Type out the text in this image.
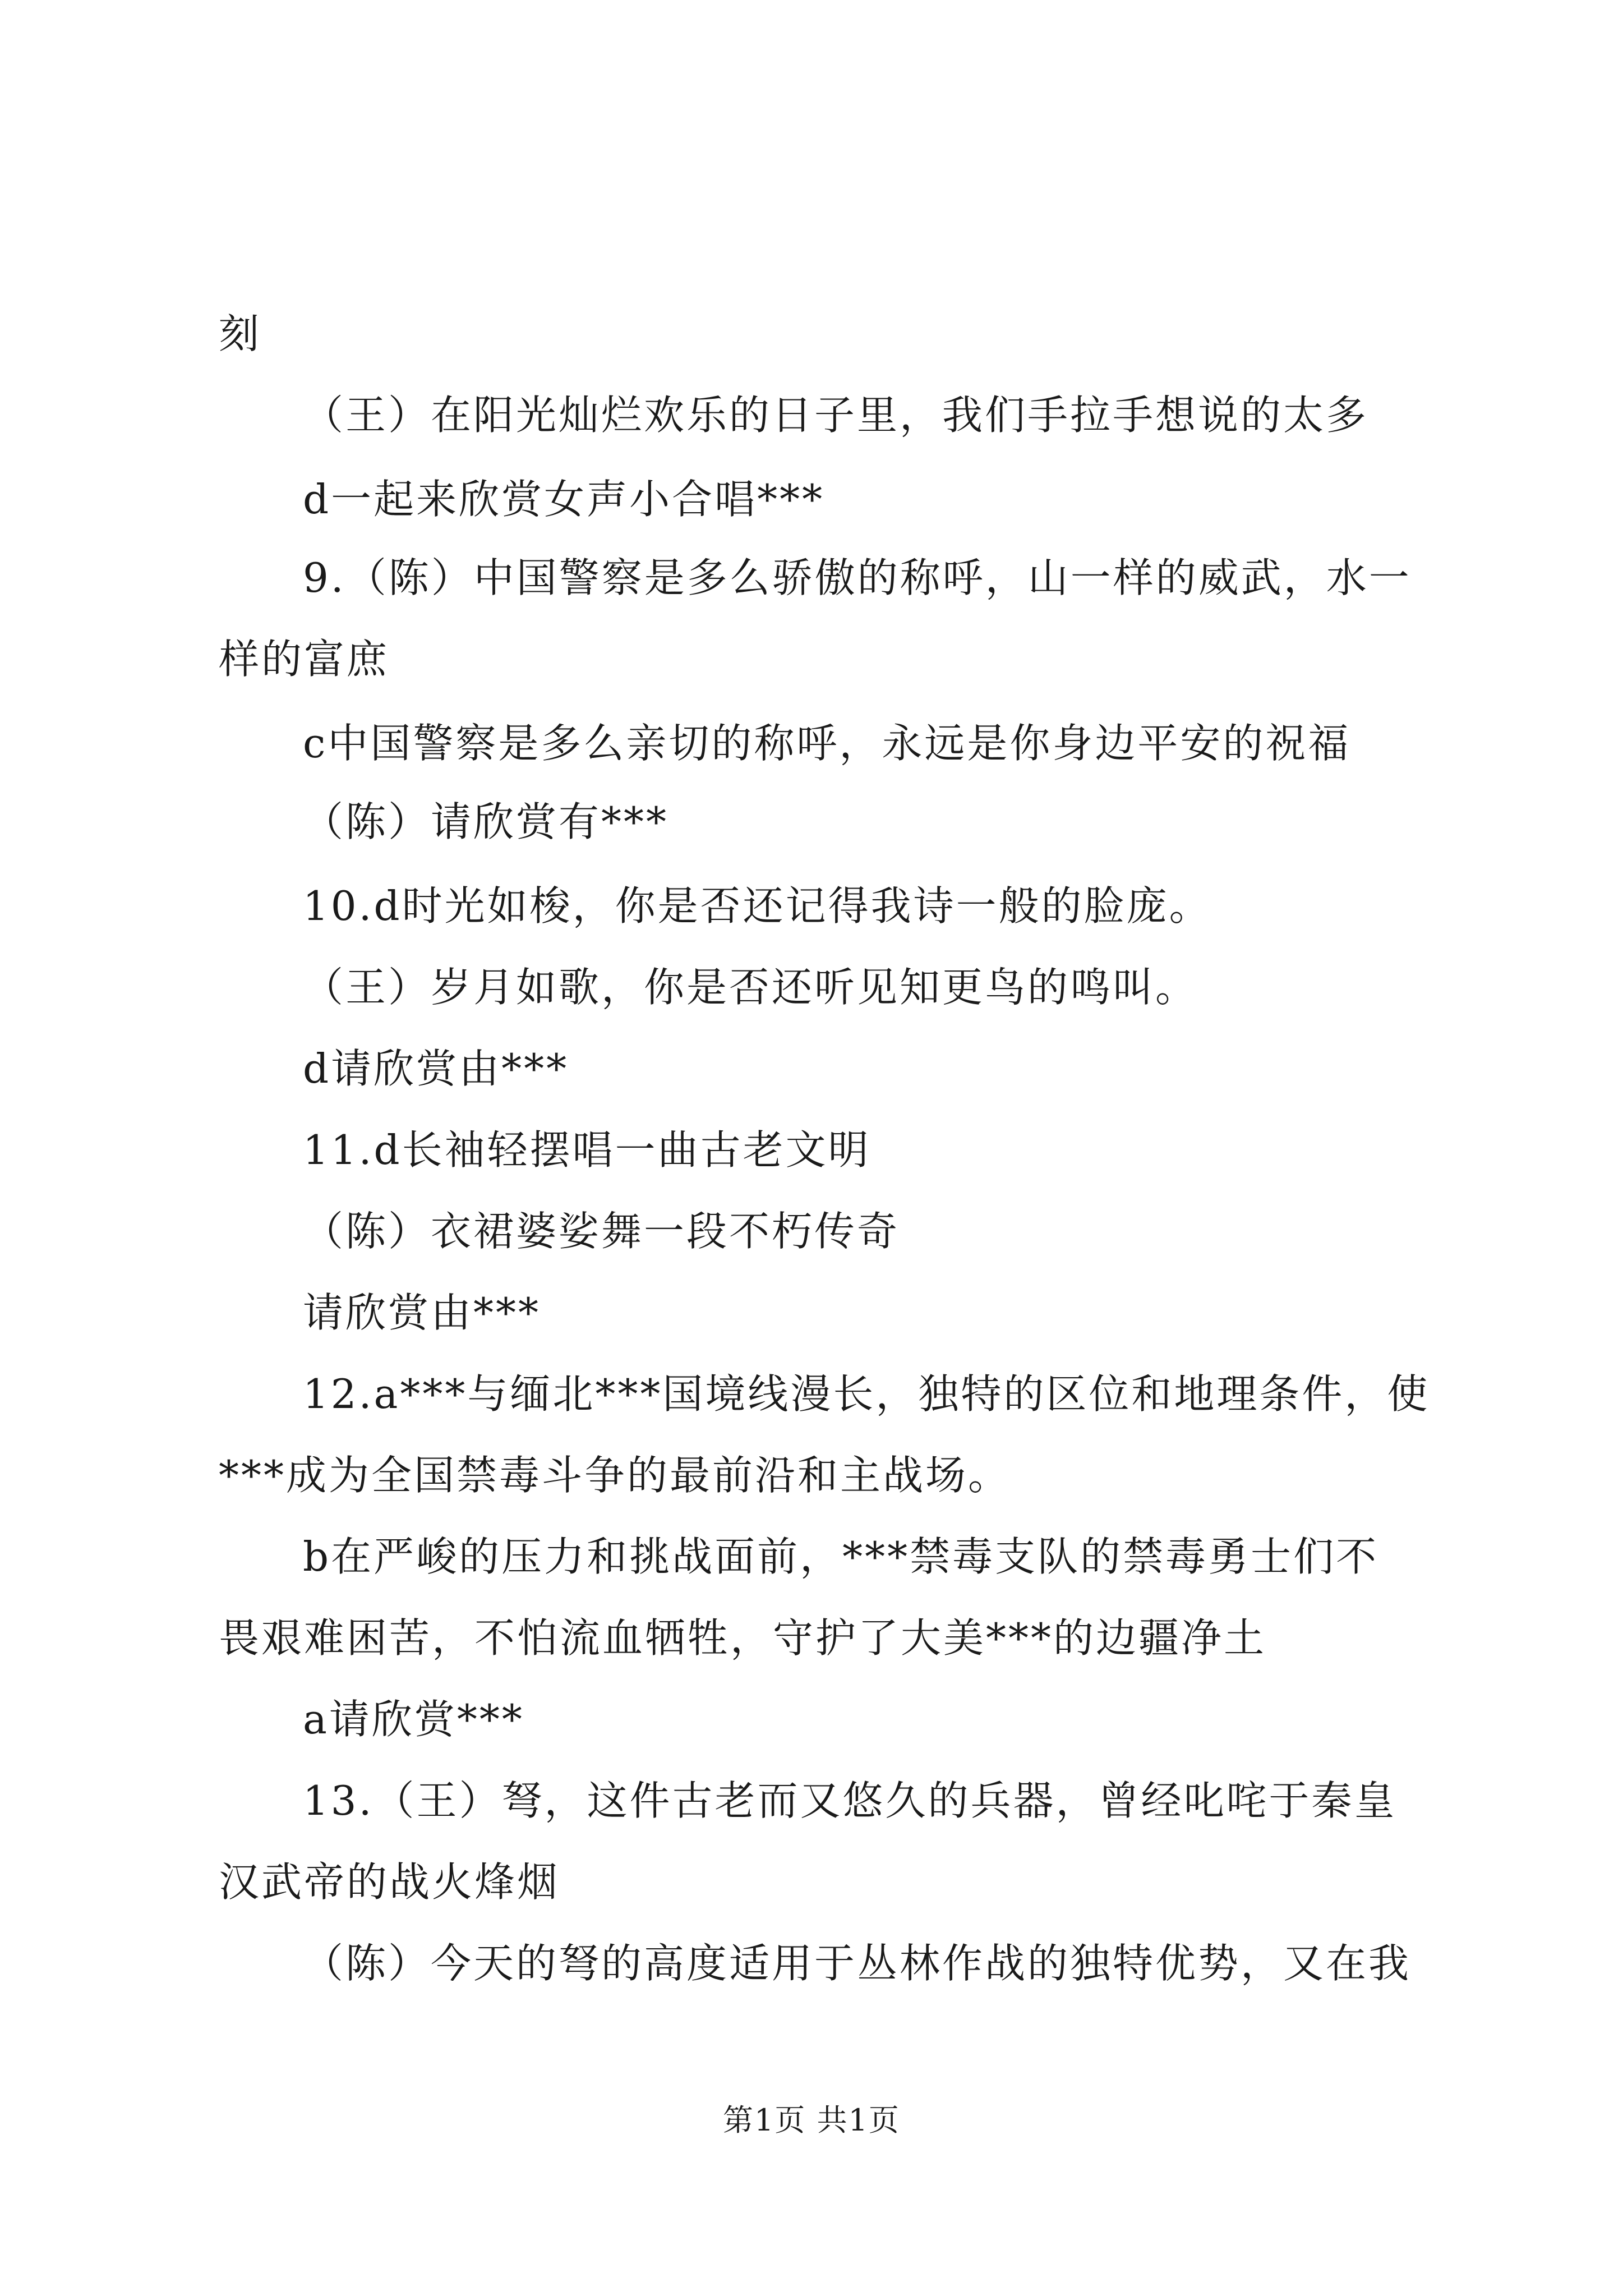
刻
（王）在阳光灿烂欢乐的日子里，我们手拉手想说的太多
d一起来欣赏女声小合唱***
9.（陈）中国警察是多么骄傲的称呼，山一样的威武，水一
样的富庶
c中国警察是多么亲切的称呼，永远是你身边平安的祝福
（陈）请欣赏有***
10.d时光如梭，你是否还记得我诗一般的脸庞。
（王）岁月如歌，你是否还听见知更鸟的鸣叫。
d请欣赏由***
11.d长袖轻摆唱一曲古老文明
（陈）衣裙婆娑舞一段不朽传奇
请欣赏由***
12.a***与缅北***国境线漫长，独特的区位和地理条件，使
***成为全国禁毒斗争的最前沿和主战场。
b在严峻的压力和挑战面前，***禁毒支队的禁毒勇士们不
畏艰难困苦，不怕流血牺牲，守护了大美***的边疆净土
a请欣赏***
13.（王）弩，这件古老而又悠久的兵器，曾经叱咤于秦皇
汉武帝的战火烽烟
（陈）今天的弩的高度适用于丛林作战的独特优势，又在我
第1页 共1页
